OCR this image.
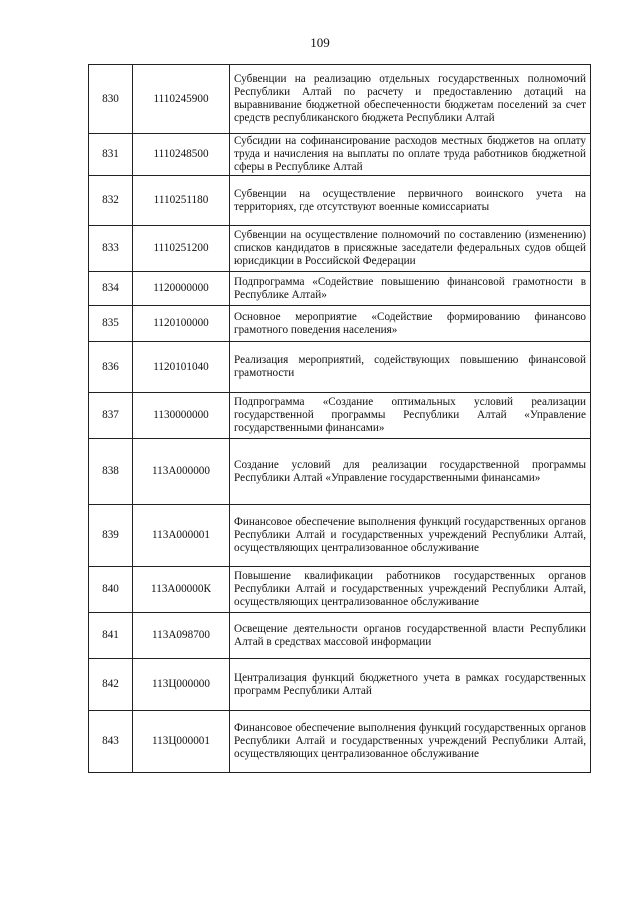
109
830	1110245900	Субвенции на реализацию отдельных государственных полномочий Республики Алтай по расчету и предоставлению дотаций на выравнивание бюджетной обеспеченности бюджетам поселений за счет средств республиканского бюджета Республики Алтай
831	1110248500	Субсидии на софинансирование расходов местных бюджетов на оплату труда и начисления на выплаты по оплате труда работников бюджетной сферы в Республике Алтай
832	1110251180	Субвенции на осуществление первичного воинского учета на территориях, где отсутствуют военные комиссариаты
833	1110251200	Субвенции на осуществление полномочий по составлению (изменению) списков кандидатов в присяжные заседатели федеральных судов общей юрисдикции в Российской Федерации
834	1120000000	Подпрограмма «Содействие повышению финансовой грамотности в Республике Алтай»
835	1120100000	Основное мероприятие «Содействие формированию финансово грамотного поведения населения»
836	1120101040	Реализация мероприятий, содействующих повышению финансовой грамотности
837	1130000000	Подпрограмма «Создание оптимальных условий реализации государственной программы Республики Алтай «Управление государственными финансами»
838	113А000000	Создание условий для реализации государственной программы Республики Алтай «Управление государственными финансами»
839	113А000001	Финансовое обеспечение выполнения функций государственных органов Республики Алтай и государственных учреждений Республики Алтай, осуществляющих централизованное обслуживание
840	113А00000К	Повышение квалификации работников государственных органов Республики Алтай и государственных учреждений Республики Алтай, осуществляющих централизованное обслуживание
841	113А098700	Освещение деятельности органов государственной власти Республики Алтай в средствах массовой информации
842	113Ц000000	Централизация функций бюджетного учета в рамках государственных программ Республики Алтай
843	113Ц000001	Финансовое обеспечение выполнения функций государственных органов Республики Алтай и государственных учреждений Республики Алтай, осуществляющих централизованное обслуживание
